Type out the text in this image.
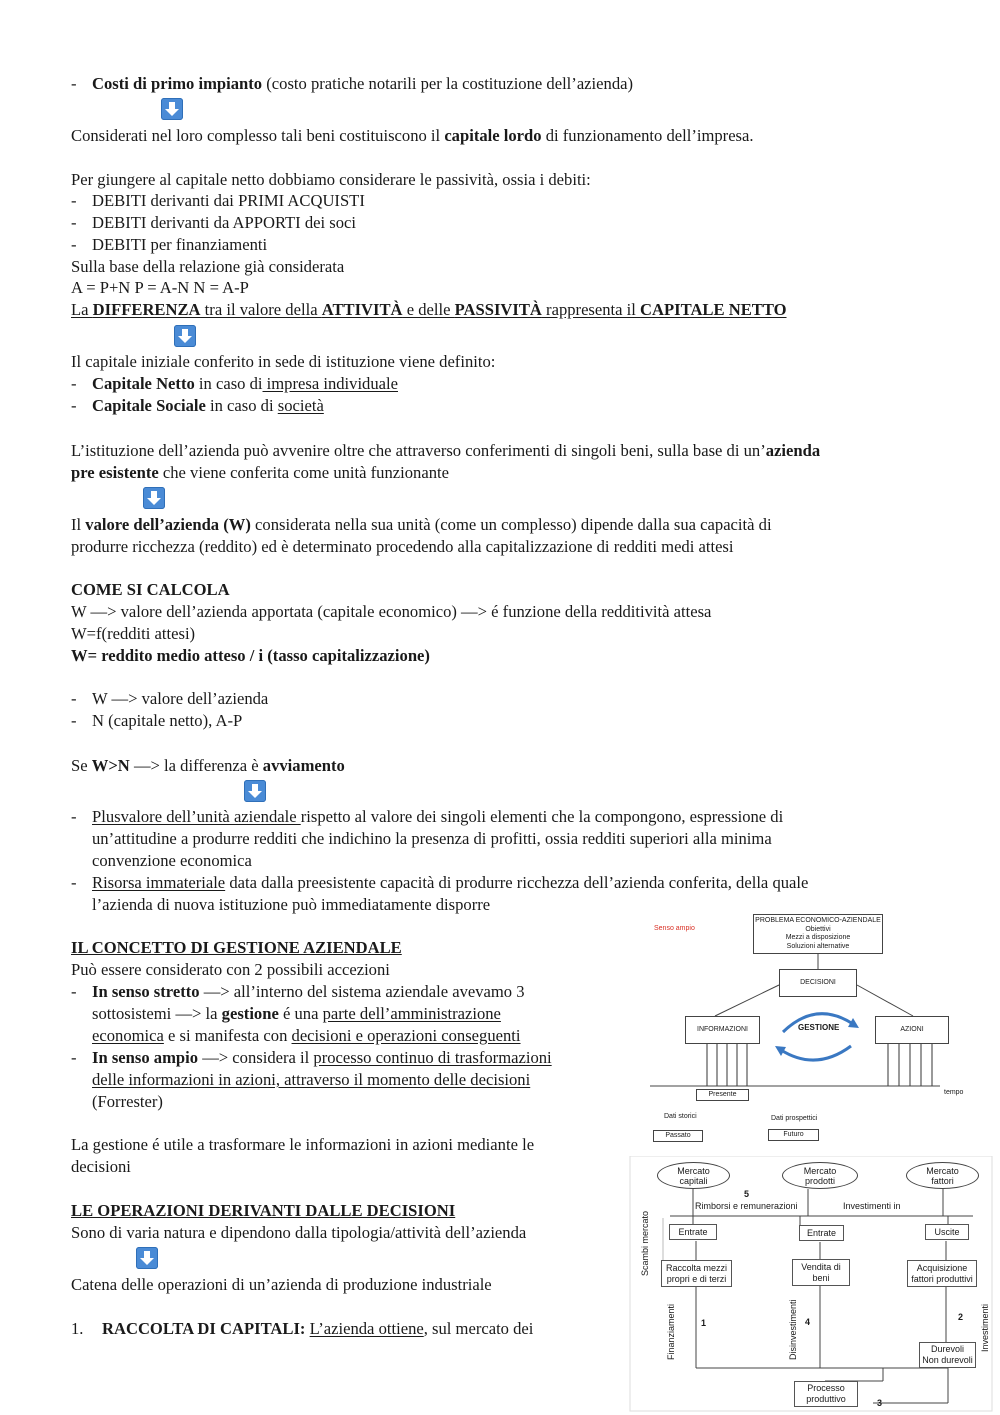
- Costi di primo impianto (costo pratiche notarili per la costituzione dell’azienda)
Considerati nel loro complesso tali beni costituiscono il capitale lordo di funzionamento dell’impresa.
Per giungere al capitale netto dobbiamo considerare le passività, ossia i debiti:
- DEBITI derivanti dai PRIMI ACQUISTI
- DEBITI derivanti da APPORTI dei soci
- DEBITI per finanziamenti
Sulla base della relazione già considerata
A = P+N P = A-N N = A-P
La DIFFERENZA tra il valore della ATTIVITÀ e delle PASSIVITÀ rappresenta il CAPITALE NETTO
Il capitale iniziale conferito in sede di istituzione viene definito:
- Capitale Netto in caso di impresa individuale
- Capitale Sociale in caso di società
L’istituzione dell’azienda può avvenire oltre che attraverso conferimenti di singoli beni, sulla base di un’azienda
pre esistente che viene conferita come unità funzionante
Il valore dell’azienda (W) considerata nella sua unità (come un complesso) dipende dalla sua capacità di
produrre ricchezza (reddito) ed è determinato procedendo alla capitalizzazione di redditi medi attesi
COME SI CALCOLA
W —> valore dell’azienda apportata (capitale economico) —> é funzione della redditività attesa
W=f(redditi attesi)
W= reddito medio atteso / i (tasso capitalizzazione)
- W —> valore dell’azienda
- N (capitale netto), A-P
Se W>N —> la differenza è avviamento
- Plusvalore dell’unità aziendale rispetto al valore dei singoli elementi che la compongono, espressione di
un’attitudine a produrre redditi che indichino la presenza di profitti, ossia redditi superiori alla minima
convenzione economica
- Risorsa immateriale data dalla preesistente capacità di produrre ricchezza dell’azienda conferita, della quale
l’azienda di nuova istituzione può immediatamente disporre
IL CONCETTO DI GESTIONE AZIENDALE
Può essere considerato con 2 possibili accezioni
- In senso stretto —> all’interno del sistema aziendale avevamo 3
sottosistemi —> la gestione é una parte dell’amministrazione
economica e si manifesta con decisioni e operazioni conseguenti
- In senso ampio —> considera il processo continuo di trasformazioni
delle informazioni in azioni, attraverso il momento delle decisioni
(Forrester)
La gestione é utile a trasformare le informazioni in azioni mediante le
decisioni
LE OPERAZIONI DERIVANTI DALLE DECISIONI
Sono di varia natura e dipendono dalla tipologia/attività dell’azienda
Catena delle operazioni di un’azienda di produzione industriale
1. RACCOLTA DI CAPITALI: L’azienda ottiene, sul mercato dei
Senso ampio
PROBLEMA ECONOMICO-AZIENDALE
Obiettivi
Mezzi a disposizione
Soluzioni alternative
DECISIONI
INFORMAZIONI	GESTIONE	AZIONI
Presente	tempo
Dati storici	Dati prospettici
Passato	Futuro
Mercato
capitali
Mercato
prodotti
Mercato
fattori
5
Rimborsi e remunerazioni	Investimenti in
Entrate	Entrate	Uscite
Scambi mercato Raccolta mezzi
propri e di terzi
Vendita di
beni
Acquisizione
fattori produttivi
Finanziamenti	Disinvestimenti	Investimenti
1	4	2
Durevoli
Non durevoli
Processo
produttivo	3
